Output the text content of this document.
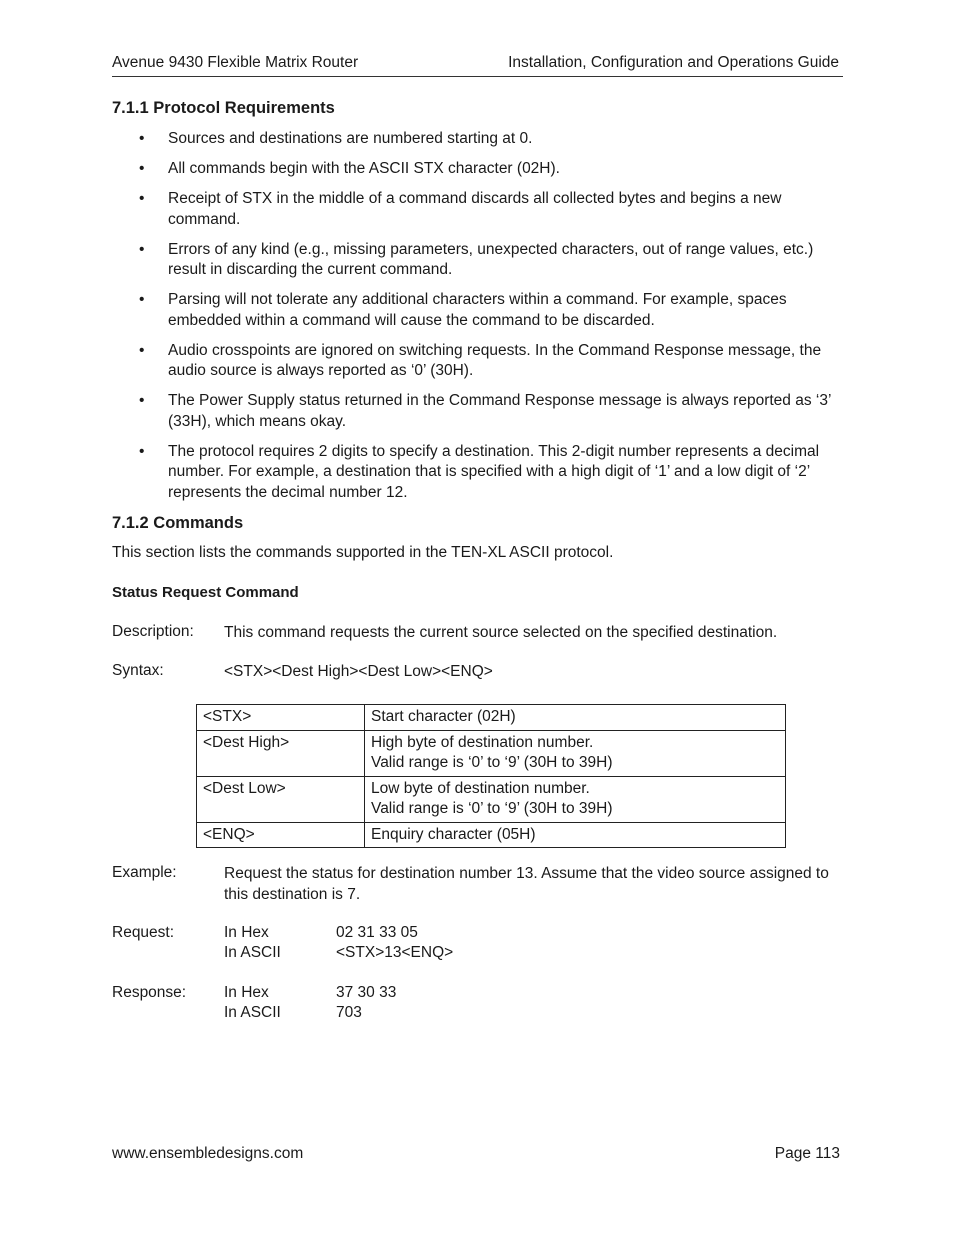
Avenue 9430 Flexible Matrix Router	Installation, Configuration and Operations Guide
7.1.1 Protocol Requirements
• Sources and destinations are numbered starting at 0.
• All commands begin with the ASCII STX character (02H).
• Receipt of STX in the middle of a command discards all collected bytes and begins a new command.
• Errors of any kind (e.g., missing parameters, unexpected characters, out of range values, etc.) result in discarding the current command.
• Parsing will not tolerate any additional characters within a command. For example, spaces embedded within a command will cause the command to be discarded.
• Audio crosspoints are ignored on switching requests. In the Command Response message, the audio source is always reported as ‘0’ (30H).
• The Power Supply status returned in the Command Response message is always reported as ‘3’ (33H), which means okay.
• The protocol requires 2 digits to specify a destination. This 2-digit number represents a decimal number. For example, a destination that is specified with a high digit of ‘1’ and a low digit of ‘2’ represents the decimal number 12.
7.1.2 Commands

This section lists the commands supported in the TEN-XL ASCII protocol.

Status Request Command
Description: This command requests the current source selected on the specified destination.
Syntax:	<STX><Dest High><Dest Low><ENQ>
<STX>	Start character (02H)

<Dest High>	High byte of destination number.
Valid range is ‘0’ to ‘9’ (30H to 39H)

<Dest Low>	Low byte of destination number.
Valid range is ‘0’ to ‘9’ (30H to 39H)

<ENQ>	Enquiry character (05H)
Example:	Request the status for destination number 13. Assume that the video source assigned to this destination is 7.
Request:	In Hex	02 31 33 05
In ASCII	<STX>13<ENQ>
Response: In Hex	37 30 33
In ASCII	703
www.ensembledesigns.com	Page 113
